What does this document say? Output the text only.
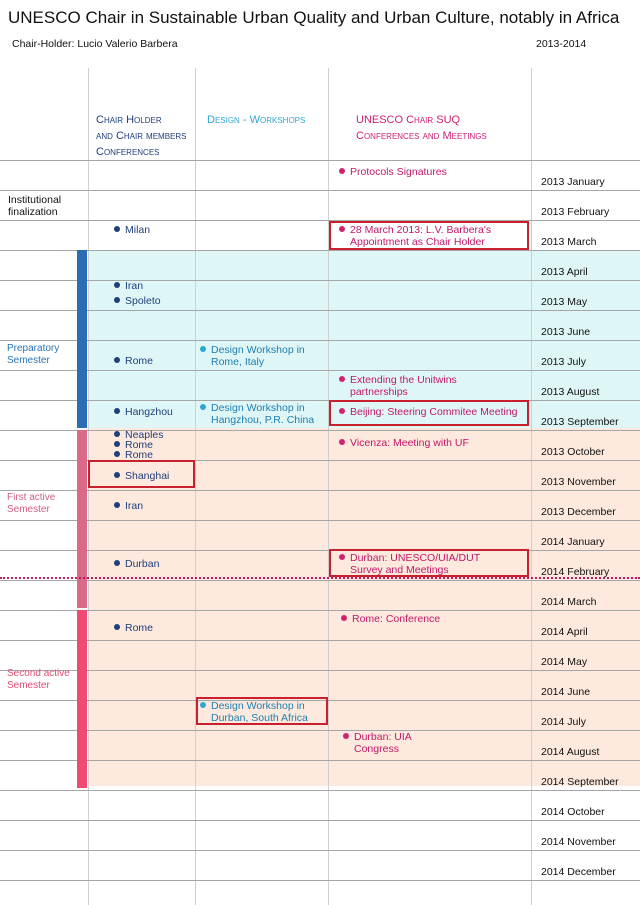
UNESCO Chair in Sustainable Urban Quality and Urban Culture, notably in Africa
Chair-Holder: Lucio Valerio Barbera	2013-2014
Chair Holder
and Chair members
Conferences
Design - Workshops	UNESCO Chair SUQ
Conferences and Meetings
2013 January
2013 February
2013 March
2013 April
2013 May
2013 June
2013 July
2013 August
2013 September
2013 October
2013 November
2013 December
2014 January
2014 February
2014 March
2014 April
2014 May
2014 June
2014 July
2014 August
2014 September
2014 October
2014 November
2014 December
Institutional
finalization
Preparatory
Semester
First active
Semester
Second active
Semester
Milan
Iran
Spoleto
Rome
Hangzhou
Neaples
Rome
Rome
Shanghai
Iran
Durban
Rome
Design Workshop in
Rome, Italy
Design Workshop in
Hangzhou, P.R. China
Design Workshop in
Durban, South Africa
Protocols Signatures
28 March 2013: L.V. Barbera's
Appointment as Chair Holder
Extending the Unitwins
partnerships
Beijing: Steering Commitee Meeting
Vicenza: Meeting with UF
Durban: UNESCO/UIA/DUT
Survey and Meetings
Rome: Conference
Durban: UIA
Congress
